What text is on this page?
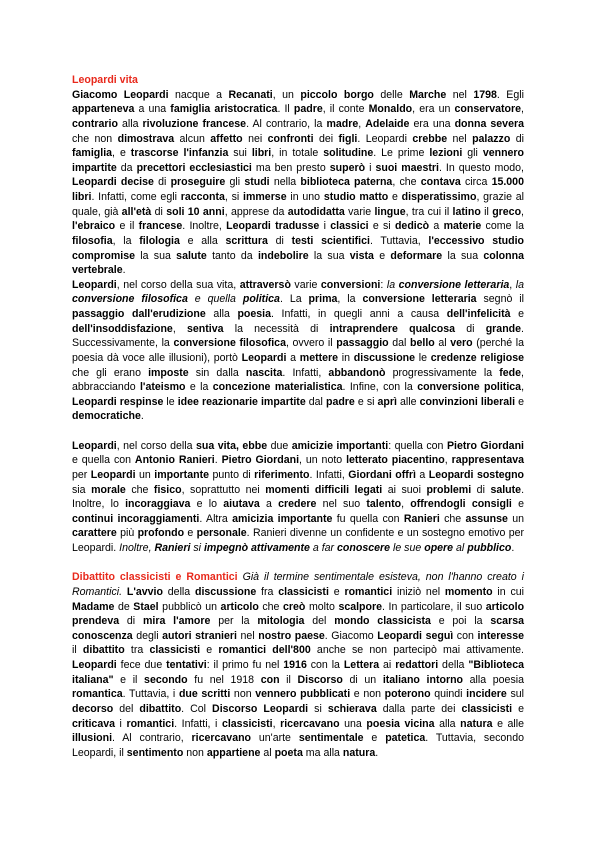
Leopardi vita

Giacomo Leopardi nacque a Recanati, un piccolo borgo delle Marche nel 1798. Egli apparteneva a una famiglia aristocratica. Il padre, il conte Monaldo, era un conservatore, contrario alla rivoluzione francese. Al contrario, la madre, Adelaide era una donna severa che non dimostrava alcun affetto nei confronti dei figli. Leopardi crebbe nel palazzo di famiglia, e trascorse l'infanzia sui libri, in totale solitudine. Le prime lezioni gli vennero impartite da precettori ecclesiastici ma ben presto superò i suoi maestri. In questo modo, Leopardi decise di proseguire gli studi nella biblioteca paterna, che contava circa 15.000 libri. Infatti, come egli racconta, si immerse in uno studio matto e disperatissimo, grazie al quale, già all'età di soli 10 anni, apprese da autodidatta varie lingue, tra cui il latino il greco, l'ebraico e il francese. Inoltre, Leopardi tradusse i classici e si dedicò a materie come la filosofia, la filologia e alla scrittura di testi scientifici. Tuttavia, l'eccessivo studio compromise la sua salute tanto da indebolire la sua vista e deformare la sua colonna vertebrale.

Leopardi, nel corso della sua vita, attraversò varie conversioni: la conversione letteraria, la conversione filosofica e quella politica. La prima, la conversione letteraria segnò il passaggio dall'erudizione alla poesia. Infatti, in quegli anni a causa dell'infelicità e dell'insoddisfazione, sentiva la necessità di intraprendere qualcosa di grande. Successivamente, la conversione filosofica, ovvero il passaggio dal bello al vero (perché la poesia dà voce alle illusioni), portò Leopardi a mettere in discussione le credenze religiose che gli erano imposte sin dalla nascita. Infatti, abbandonò progressivamente la fede, abbracciando l'ateismo e la concezione materialistica. Infine, con la conversione politica, Leopardi respinse le idee reazionarie impartite dal padre e si aprì alle convinzioni liberali e democratiche.

Leopardi, nel corso della sua vita, ebbe due amicizie importanti: quella con Pietro Giordani e quella con Antonio Ranieri. Pietro Giordani, un noto letterato piacentino, rappresentava per Leopardi un importante punto di riferimento. Infatti, Giordani offrì a Leopardi sostegno sia morale che fisico, soprattutto nei momenti difficili legati ai suoi problemi di salute. Inoltre, lo incoraggiava e lo aiutava a credere nel suo talento, offrendogli consigli e continui incoraggiamenti. Altra amicizia importante fu quella con Ranieri che assunse un carattere più profondo e personale. Ranieri divenne un confidente e un sostegno emotivo per Leopardi. Inoltre, Ranieri si impegnò attivamente a far conoscere le sue opere al pubblico.

Dibattito classicisti e Romantici Già il termine sentimentale esisteva, non l'hanno creato i Romantici. L'avvio della discussione fra classicisti e romantici iniziò nel momento in cui Madame de Stael pubblicò un articolo che creò molto scalpore. In particolare, il suo articolo prendeva di mira l'amore per la mitologia del mondo classicista e poi la scarsa conoscenza degli autori stranieri nel nostro paese. Giacomo Leopardi seguì con interesse il dibattito tra classicisti e romantici dell'800 anche se non partecipò mai attivamente. Leopardi fece due tentativi: il primo fu nel 1916 con la Lettera ai redattori della "Biblioteca italiana" e il secondo fu nel 1918 con il Discorso di un italiano intorno alla poesia romantica. Tuttavia, i due scritti non vennero pubblicati e non poterono quindi incidere sul decorso del dibattito. Col Discorso Leopardi si schierava dalla parte dei classicisti e criticava i romantici. Infatti, i classicisti, ricercavano una poesia vicina alla natura e alle illusioni. Al contrario, ricercavano un'arte sentimentale e patetica. Tuttavia, secondo Leopardi, il sentimento non appartiene al poeta ma alla natura.
